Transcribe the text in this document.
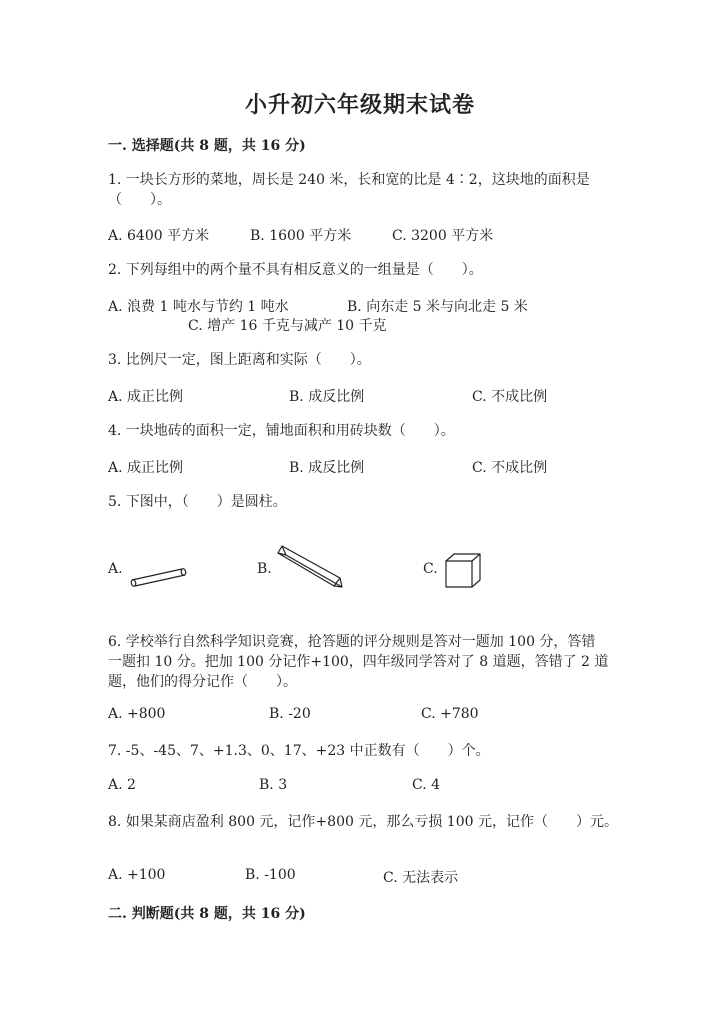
小升初六年级期末试卷
一. 选择题(共 8 题，共 16 分)
1. 一块长方形的菜地，周长是 240 米，长和宽的比是 4∶2，这块地的面积是
（　　）。
A. 6400 平方米	B. 1600 平方米	C. 3200 平方米
2. 下列每组中的两个量不具有相反意义的一组量是（　　）。
A. 浪费 1 吨水与节约 1 吨水	B. 向东走 5 米与向北走 5 米
C. 增产 16 千克与减产 10 千克
3. 比例尺一定，图上距离和实际（　　）。
A. 成正比例	B. 成反比例	C. 不成比例
4. 一块地砖的面积一定，铺地面积和用砖块数（　　）。
A. 成正比例	B. 成反比例	C. 不成比例
5. 下图中，（　　）是圆柱。
A.	B.	C.
6. 学校举行自然科学知识竞赛，抢答题的评分规则是答对一题加 100 分，答错
一题扣 10 分。把加 100 分记作+100，四年级同学答对了 8 道题，答错了 2 道
题，他们的得分记作（　　）。
A. +800	B. -20	C. +780
7. -5、-45、7、+1.3、0、17、+23 中正数有（　　）个。
A. 2	B. 3	C. 4
8. 如果某商店盈利 800 元，记作+800 元，那么亏损 100 元，记作（　　）元。
A. +100	B. -100	C. 无法表示
二. 判断题(共 8 题，共 16 分)
